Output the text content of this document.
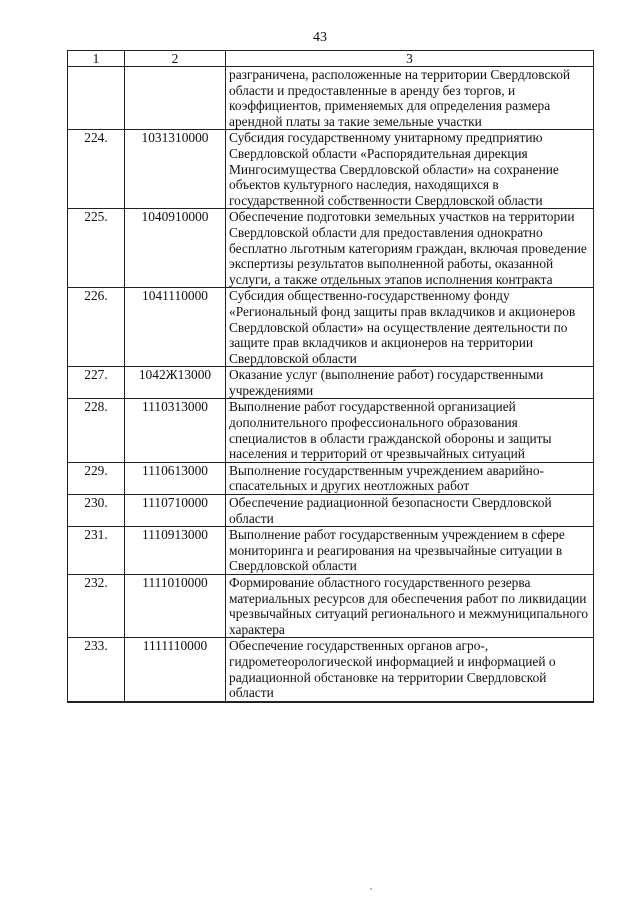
43
1	2	3
		разграничена, расположенные на территории Свердловской области и предоставленные в аренду без торгов, и коэффициентов, применяемых для определения размера арендной платы за такие земельные участки
224.	1031310000	Субсидия государственному унитарному предприятию Свердловской области «Распорядительная дирекция Мингосимущества Свердловской области» на сохранение объектов культурного наследия, находящихся в государственной собственности Свердловской области
225.	1040910000	Обеспечение подготовки земельных участков на территории Свердловской области для предоставления однократно бесплатно льготным категориям граждан, включая проведение экспертизы результатов выполненной работы, оказанной услуги, а также отдельных этапов исполнения контракта
226.	1041110000	Субсидия общественно-государственному фонду «Региональный фонд защиты прав вкладчиков и акционеров Свердловской области» на осуществление деятельности по защите прав вкладчиков и акционеров на территории Свердловской области
227.	1042Ж13000	Оказание услуг (выполнение работ) государственными учреждениями
228.	1110313000	Выполнение работ государственной организацией дополнительного профессионального образования специалистов в области гражданской обороны и защиты населения и территорий от чрезвычайных ситуаций
229.	1110613000	Выполнение государственным учреждением аварийно-спасательных и других неотложных работ
230.	1110710000	Обеспечение радиационной безопасности Свердловской области
231.	1110913000	Выполнение работ государственным учреждением в сфере мониторинга и реагирования на чрезвычайные ситуации в Свердловской области
232.	1111010000	Формирование областного государственного резерва материальных ресурсов для обеспечения работ по ликвидации чрезвычайных ситуаций регионального и межмуниципального характера
233.	1111110000	Обеспечение государственных органов агро-, гидрометеорологической информацией и информацией о радиационной обстановке на территории Свердловской области
